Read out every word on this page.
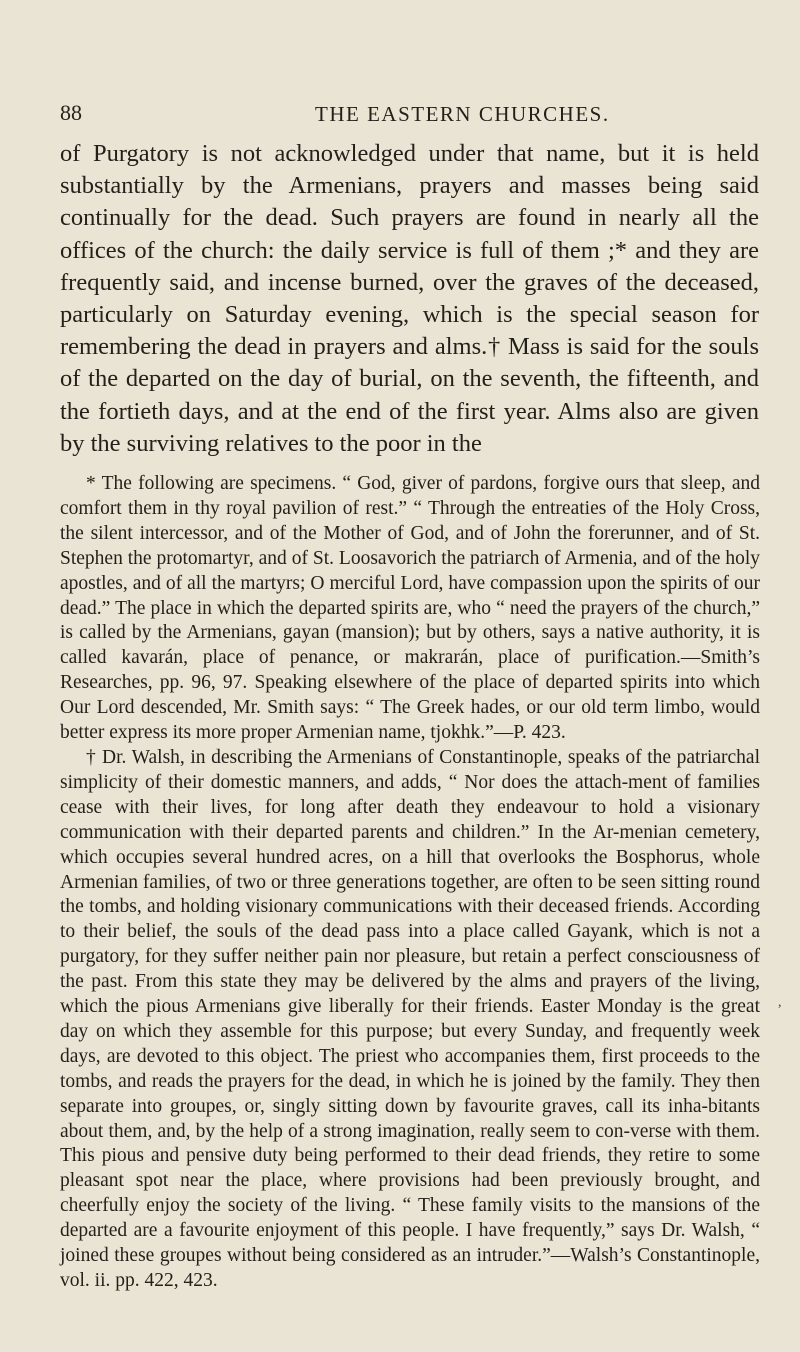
88	THE EASTERN CHURCHES.

of Purgatory is not acknowledged under that name, but it is held substantially by the Armenians, prayers and masses being said continually for the dead. Such prayers are found in nearly all the offices of the church: the daily service is full of them ;* and they are frequently said, and incense burned, over the graves of the deceased, particularly on Saturday evening, which is the special season for remembering the dead in prayers and alms.† Mass is said for the souls of the departed on the day of burial, on the seventh, the fifteenth, and the fortieth days, and at the end of the first year. Alms also are given by the surviving relatives to the poor in the

* The following are specimens. “ God, giver of pardons, forgive ours that sleep, and comfort them in thy royal pavilion of rest.” “ Through the entreaties of the Holy Cross, the silent intercessor, and of the Mother of God, and of John the forerunner, and of St. Stephen the protomartyr, and of St. Loosavorich the patriarch of Armenia, and of the holy apostles, and of all the martyrs; O merciful Lord, have compassion upon the spirits of our dead.” The place in which the departed spirits are, who “ need the prayers of the church,” is called by the Armenians, gayan (mansion); but by others, says a native authority, it is called kavarán, place of penance, or makrarán, place of purification.—Smith’s Researches, pp. 96, 97. Speaking elsewhere of the place of departed spirits into which Our Lord descended, Mr. Smith says: “ The Greek hades, or our old term limbo, would better express its more proper Armenian name, tjokhk.”—P. 423.

† Dr. Walsh, in describing the Armenians of Constantinople, speaks of the patriarchal simplicity of their domestic manners, and adds, “ Nor does the attach-ment of families cease with their lives, for long after death they endeavour to hold a visionary communication with their departed parents and children.” In the Ar-menian cemetery, which occupies several hundred acres, on a hill that overlooks the Bosphorus, whole Armenian families, of two or three generations together, are often to be seen sitting round the tombs, and holding visionary communications with their deceased friends. According to their belief, the souls of the dead pass into a place called Gayank, which is not a purgatory, for they suffer neither pain nor pleasure, but retain a perfect consciousness of the past. From this state they may be delivered by the alms and prayers of the living, which the pious Armenians give liberally for their friends. Easter Monday is the great day on which they assemble for this purpose; but every Sunday, and frequently week days, are devoted to this object. The priest who accompanies them, first proceeds to the tombs, and reads the prayers for the dead, in which he is joined by the family. They then separate into groupes, or, singly sitting down by favourite graves, call its inha-bitants about them, and, by the help of a strong imagination, really seem to con-verse with them. This pious and pensive duty being performed to their dead friends, they retire to some pleasant spot near the place, where provisions had been previously brought, and cheerfully enjoy the society of the living. “ These family visits to the mansions of the departed are a favourite enjoyment of this people. I have frequently,” says Dr. Walsh, “ joined these groupes without being considered as an intruder.”—Walsh’s Constantinople, vol. ii. pp. 422, 423.

,
